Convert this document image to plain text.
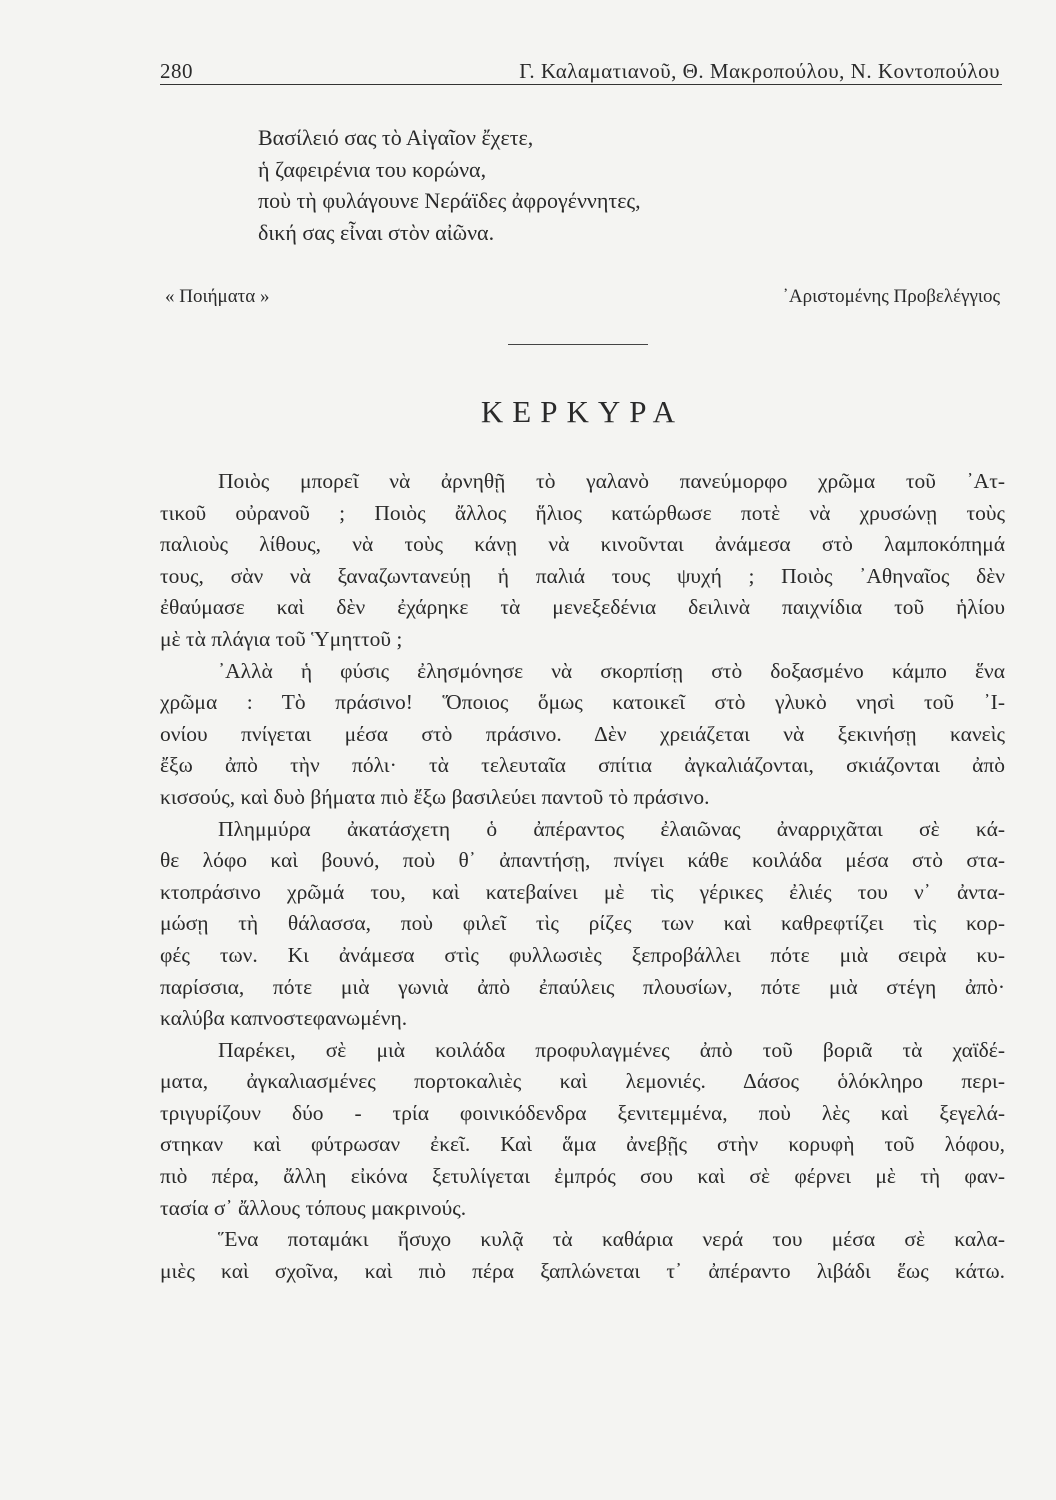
280	Γ. Καλαματιανοῦ, Θ. Μακροπούλου, Ν. Κοντοπούλου
Βασίλειό σας τὸ Αἰγαῖον ἔχετε,
ἡ ζαφειρένια του κορώνα,
ποὺ τὴ φυλάγουνε Νεράϊδες ἀφρογέννητες,
δική σας εἶναι στὸν αἰῶνα.
« Ποιήματα »	᾿Αριστομένης Προβελέγγιος
ΚΕΡΚΥΡΑ
Ποιὸς μπορεῖ νὰ ἀρνηθῇ τὸ γαλανὸ πανεύμορφο χρῶμα τοῦ ᾿Ατ-
τικοῦ οὐρανοῦ ; Ποιὸς ἄλλος ἥλιος κατώρθωσε ποτὲ νὰ χρυσώνῃ τοὺς
παλιοὺς λίθους, νὰ τοὺς κάνῃ νὰ κινοῦνται ἀνάμεσα στὸ λαμποκόπημά
τους, σὰν νὰ ξαναζωντανεύῃ ἡ παλιά τους ψυχή ; Ποιὸς ᾿Αθηναῖος δὲν
ἐθαύμασε καὶ δὲν ἐχάρηκε τὰ μενεξεδένια δειλινὰ παιχνίδια τοῦ ἡλίου
μὲ τὰ πλάγια τοῦ Ὑμηττοῦ ;
᾿Αλλὰ ἡ φύσις ἐλησμόνησε νὰ σκορπίσῃ στὸ δοξασμένο κάμπο ἕνα
χρῶμα : Τὸ πράσινο! Ὅποιος ὅμως κατοικεῖ στὸ γλυκὸ νησὶ τοῦ ᾿Ι-
ονίου πνίγεται μέσα στὸ πράσινο. Δὲν χρειάζεται νὰ ξεκινήσῃ κανεὶς
ἔξω ἀπὸ τὴν πόλι· τὰ τελευταῖα σπίτια ἀγκαλιάζονται, σκιάζονται ἀπὸ
κισσούς, καὶ δυὸ βήματα πιὸ ἔξω βασιλεύει παντοῦ τὸ πράσινο.
Πλημμύρα ἀκατάσχετη ὁ ἀπέραντος ἐλαιῶνας ἀναρριχᾶται σὲ κά-
θε λόφο καὶ βουνό, ποὺ θ᾿ ἀπαντήσῃ, πνίγει κάθε κοιλάδα μέσα στὸ στα-
κτοπράσινο χρῶμά του, καὶ κατεβαίνει μὲ τὶς γέρικες ἐλιές του ν᾿ ἀντα-
μώσῃ τὴ θάλασσα, ποὺ φιλεῖ τὶς ρίζες των καὶ καθρεφτίζει τὶς κορ-
φές των. Κι ἀνάμεσα στὶς φυλλωσιὲς ξεπροβάλλει πότε μιὰ σειρὰ κυ-
παρίσσια, πότε μιὰ γωνιὰ ἀπὸ ἐπαύλεις πλουσίων, πότε μιὰ στέγη ἀπὸ·
καλύβα καπνοστεφανωμένη.
Παρέκει, σὲ μιὰ κοιλάδα προφυλαγμένες ἀπὸ τοῦ βοριᾶ τὰ χαϊδέ-
ματα, ἀγκαλιασμένες πορτοκαλιὲς καὶ λεμονιές. Δάσος ὁλόκληρο περι-
τριγυρίζουν δύο - τρία φοινικόδενδρα ξενιτεμμένα, ποὺ λὲς καὶ ξεγελά-
στηκαν καὶ φύτρωσαν ἐκεῖ. Καὶ ἅμα ἀνεβῇς στὴν κορυφὴ τοῦ λόφου,
πιὸ πέρα, ἄλλη εἰκόνα ξετυλίγεται ἐμπρός σου καὶ σὲ φέρνει μὲ τὴ φαν-
τασία σ᾿ ἄλλους τόπους μακρινούς.
Ἕνα ποταμάκι ἥσυχο κυλᾷ τὰ καθάρια νερά του μέσα σὲ καλα-
μιὲς καὶ σχοῖνα, καὶ πιὸ πέρα ξαπλώνεται τ᾿ ἀπέραντο λιβάδι ἕως κάτω.
